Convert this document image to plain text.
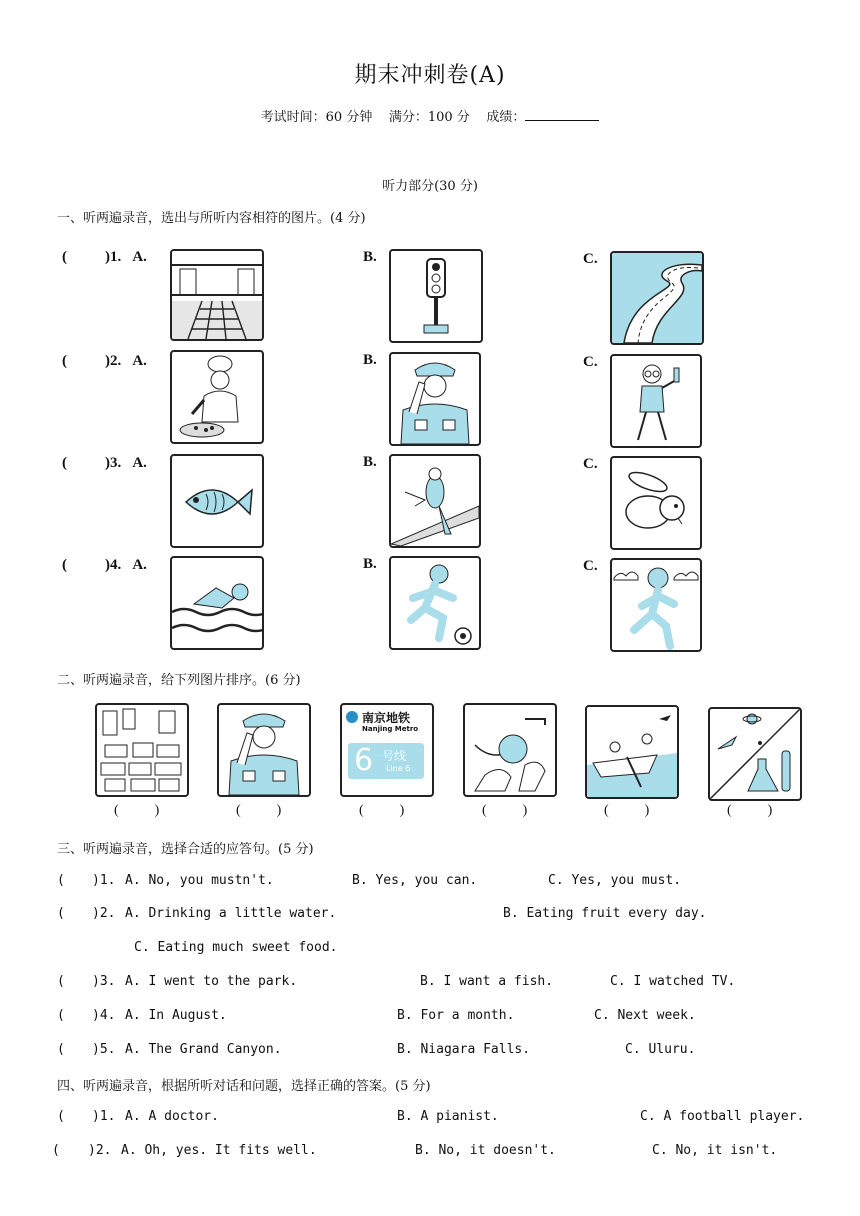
期末冲刺卷(A)
考试时间：60 分钟 满分：100 分 成绩：
听力部分(30 分)
一、听两遍录音，选出与所听内容相符的图片。(4 分)
(	)1. A.	B.	C.
(	)2. A.	B.	C.
(	)3. A.	B.	C.
(	)4. A.	B.	C.
二、听两遍录音，给下列图片排序。(6 分)
南京地铁
Nanjing Metro
6 号线
Line 6
(	)	(	)	(	)	(	)	(	)	(	)
三、听两遍录音，选择合适的应答句。(5 分)
( )1. A. No, you mustn't.	B. Yes, you can.	C. Yes, you must.
( )2. A. Drinking a little water.	B. Eating fruit every day.
C. Eating much sweet food.
( )3. A. I went to the park.	B. I want a fish.	C. I watched TV.
( )4. A. In August.	B. For a month.	C. Next week.
( )5. A. The Grand Canyon.	B. Niagara Falls.	C. Uluru.
四、听两遍录音，根据所听对话和问题，选择正确的答案。(5 分)
( )1. A. A doctor.	B. A pianist.	C. A football player.
( )2. A. Oh, yes. It fits well.	B. No, it doesn't.	C. No, it isn't.
